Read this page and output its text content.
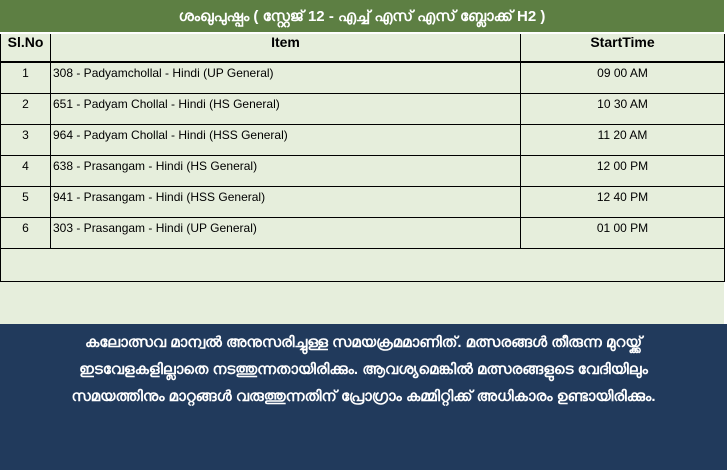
ശംഖുപുഷ്പം ( സ്റ്റേജ് 12 - എച്ച് എസ് എസ് ബ്ലോക്ക് H2 )
Sl.No	Item	StartTime
1	308 - Padyamchollal - Hindi (UP General)	09 00 AM
2	651 - Padyam Chollal - Hindi (HS General)	10 30 AM
3	964 - Padyam Chollal - Hindi (HSS General)	11 20 AM
4	638 - Prasangam - Hindi (HS General)	12 00 PM
5	941 - Prasangam - Hindi (HSS General)	12 40 PM
6	303 - Prasangam - Hindi (UP General)	01 00 PM

കലോത്സവ മാന്വൽ അനുസരിച്ചുള്ള സമയക്രമമാണിത്. മത്സരങ്ങൾ തീരുന്ന മുറയ്ക്ക്
ഇടവേളകളില്ലാതെ നടത്തുന്നതായിരിക്കും. ആവശ്യമെങ്കിൽ മത്സരങ്ങളുടെ വേദിയിലും
സമയത്തിനും മാറ്റങ്ങൾ വരുത്തുന്നതിന് പ്രോഗ്രാം കമ്മിറ്റിക്ക് അധികാരം ഉണ്ടായിരിക്കും.
